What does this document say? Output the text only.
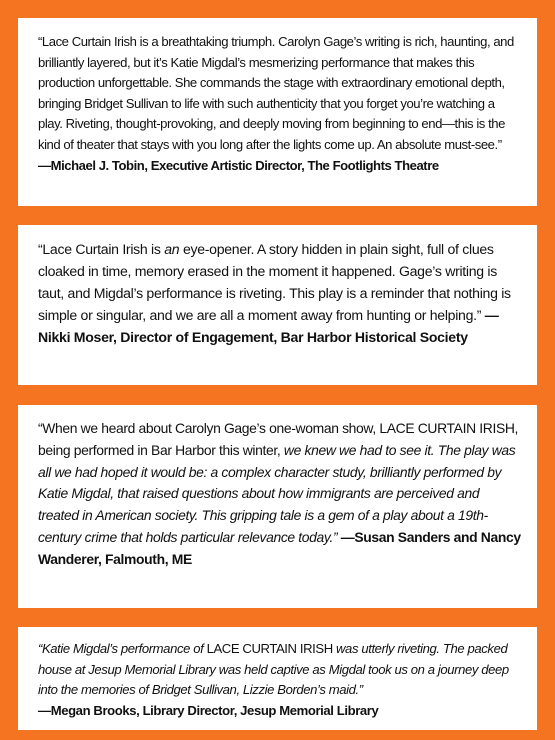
“Lace Curtain Irish is a breathtaking triumph. Carolyn Gage’s writing is rich, haunting, and brilliantly layered, but it’s Katie Migdal’s mesmerizing performance that makes this production unforgettable. She commands the stage with extraordinary emotional depth, bringing Bridget Sullivan to life with such authenticity that you forget you’re watching a play. Riveting, thought-provoking, and deeply moving from beginning to end—this is the kind of theater that stays with you long after the lights come up. An absolute must-see.”

—Michael J. Tobin, Executive Artistic Director, The Footlights Theatre

“Lace Curtain Irish is an eye-opener. A story hidden in plain sight, full of clues cloaked in time, memory erased in the moment it happened. Gage’s writing is taut, and Migdal’s performance is riveting. This play is a reminder that nothing is simple or singular, and we are all a moment away from hunting or helping.” —Nikki Moser, Director of Engagement, Bar Harbor Historical Society

“When we heard about Carolyn Gage’s one-woman show, LACE CURTAIN IRISH, being performed in Bar Harbor this winter, we knew we had to see it. The play was all we had hoped it would be: a complex character study, brilliantly performed by Katie Migdal, that raised questions about how immigrants are perceived and treated in American society. This gripping tale is a gem of a play about a 19th-century crime that holds particular relevance today.” —Susan Sanders and Nancy Wanderer, Falmouth, ME

“Katie Migdal’s performance of LACE CURTAIN IRISH was utterly riveting. The packed house at Jesup Memorial Library was held captive as Migdal took us on a journey deep into the memories of Bridget Sullivan, Lizzie Borden’s maid.”

—Megan Brooks, Library Director, Jesup Memorial Library
